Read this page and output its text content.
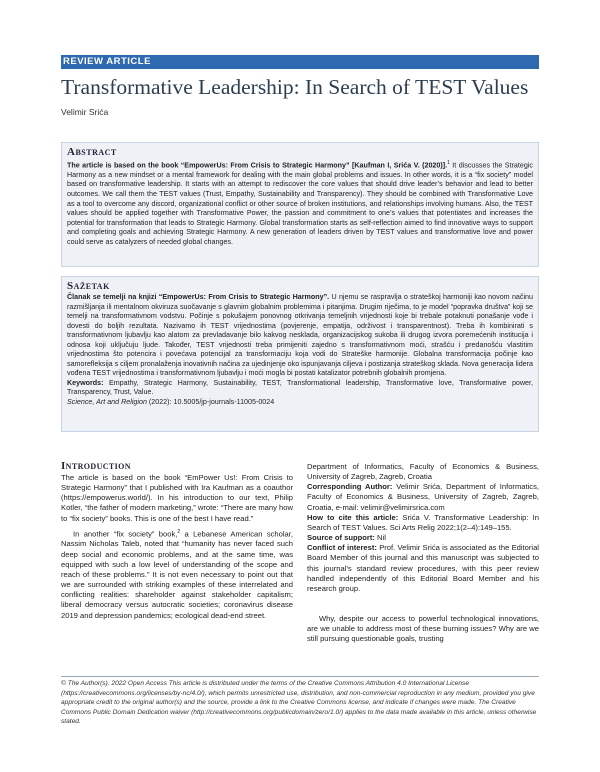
REVIEW ARTICLE
Transformative Leadership: In Search of TEST Values
Velimir Srića
Abstract

The article is based on the book “EmpowerUs: From Crisis to Strategic Harmony” [Kaufman I, Srića V. (2020)].$^1$ It discusses the Strategic Harmony as a new mindset or a mental framework for dealing with the main global problems and issues. In other words, it is a “fix society” model based on transformative leadership. It starts with an attempt to rediscover the core values that should drive leader’s behavior and lead to better outcomes. We call them the TEST values (Trust, Empathy, Sustainability and Transparency). They should be combined with Transformative Love as a tool to overcome any discord, organizational conflict or other source of broken institutions, and relationships involving humans. Also, the TEST values should be applied together with Transformative Power, the passion and commitment to one’s values that potentiates and increases the potential for transformation that leads to Strategic Harmony. Global transformation starts as self-reflection aimed to find innovative ways to support and completing goals and achieving Strategic Harmony. A new generation of leaders driven by TEST values and transformative love and power could serve as catalyzers of needed global changes.

Sažetak

Članak se temelji na knjizi “EmpowerUs: From Crisis to Strategic Harmony”. U njemu se raspravlja o strateškoj harmoniji kao novom načinu razmišljanja ili mentalnom okviruza suočavanje s glavnim globalnim problemima i pitanjima. Drugim riječima, to je model “popravka društva” koji se temelji na transformativnom vodstvu. Počinje s pokušajem ponovnog otkrivanja temeljnih vrijednosti koje bi trebale potaknuti ponašanje vođe i dovesti do boljih rezultata. Nazivamo ih TEST vrijednostima (povjerenje, empatija, održivost i transparentnost). Treba ih kombinirati s transformativnom ljubavlju kao alatom za prevladavanje bilo kakvog nesklada, organizacijskog sukoba ili drugog izvora poremećenih institucija i odnosa koji uključuju ljude. Također, TEST vrijednosti treba primijeniti zajedno s transformativnom moći, strašću i predanošću vlastitim vrijednostima što potencira i povećava potencijal za transformaciju koja vodi do Strateške harmonije. Globalna transformacija počinje kao samorefleksija s ciljem pronalaženja inovativnih načina za ujedinjenje oko ispunjavanja ciljeva i postizanja strateškog sklada. Nova generacija lidera vođena TEST vrijednostima i transformativnom ljubavlju i moći mogla bi postati katalizator potrebnih globalnih promjena.

Keywords: Empathy, Strategic Harmony, Sustainability, TEST, Transformational leadership, Transformative love, Transformative power, Transparency, Trust, Value.

Science, Art and Religion (2022): 10.5005/jp-journals-11005-0024

Introduction

The article is based on the book “EmPower Us!: From Crisis to Strategic Harmony” that I published with Ira Kaufman as a coauthor (https://empowerus.world/). In his introduction to our text, Philip Kotler, “the father of modern marketing,” wrote: “There are many how to “fix society” books. This is one of the best I have read.”

In another “fix society” book,$^2$ a Lebanese American scholar, Nassim Nicholas Taleb, noted that “humanity has never faced such deep social and economic problems, and at the same time, was equipped with such a low level of understanding of the scope and reach of these problems.” It is not even necessary to point out that we are surrounded with striking examples of these interrelated and conflicting realities: shareholder against stakeholder capitalism; liberal democracy versus autocratic societies; coronavirus disease 2019 and depression pandemics; ecological dead-end street.

Department of Informatics, Faculty of Economics & Business, University of Zagreb, Zagreb, Croatia

Corresponding Author: Velimir Srića, Department of Informatics, Faculty of Economics & Business, University of Zagreb, Zagreb, Croatia, e-mail: velimir@velimirsrica.com

How to cite this article: Srića V. Transformative Leadership: In Search of TEST Values. Sci Arts Relig 2022;1(2–4):149–155.

Source of support: Nil

Conflict of interest: Prof. Velimir Srića is associated as the Editorial Board Member of this journal and this manuscript was subjected to this journal’s standard review procedures, with this peer review handled independently of this Editorial Board Member and his research group.

Why, despite our access to powerful technological innovations, are we unable to address most of these burning issues? Why are we still pursuing questionable goals, trusting

© The Author(s). 2022 Open Access This article is distributed under the terms of the Creative Commons Attribution 4.0 International License (https://creativecommons.org/licenses/by-nc/4.0/), which permits unrestricted use, distribution, and non-commercial reproduction in any medium, provided you give appropriate credit to the original author(s) and the source, provide a link to the Creative Commons license, and indicate if changes were made. The Creative Commons Public Domain Dedication waiver (http://creativecommons.org/publicdomain/zero/1.0/) applies to the data made available in this article, unless otherwise stated.
